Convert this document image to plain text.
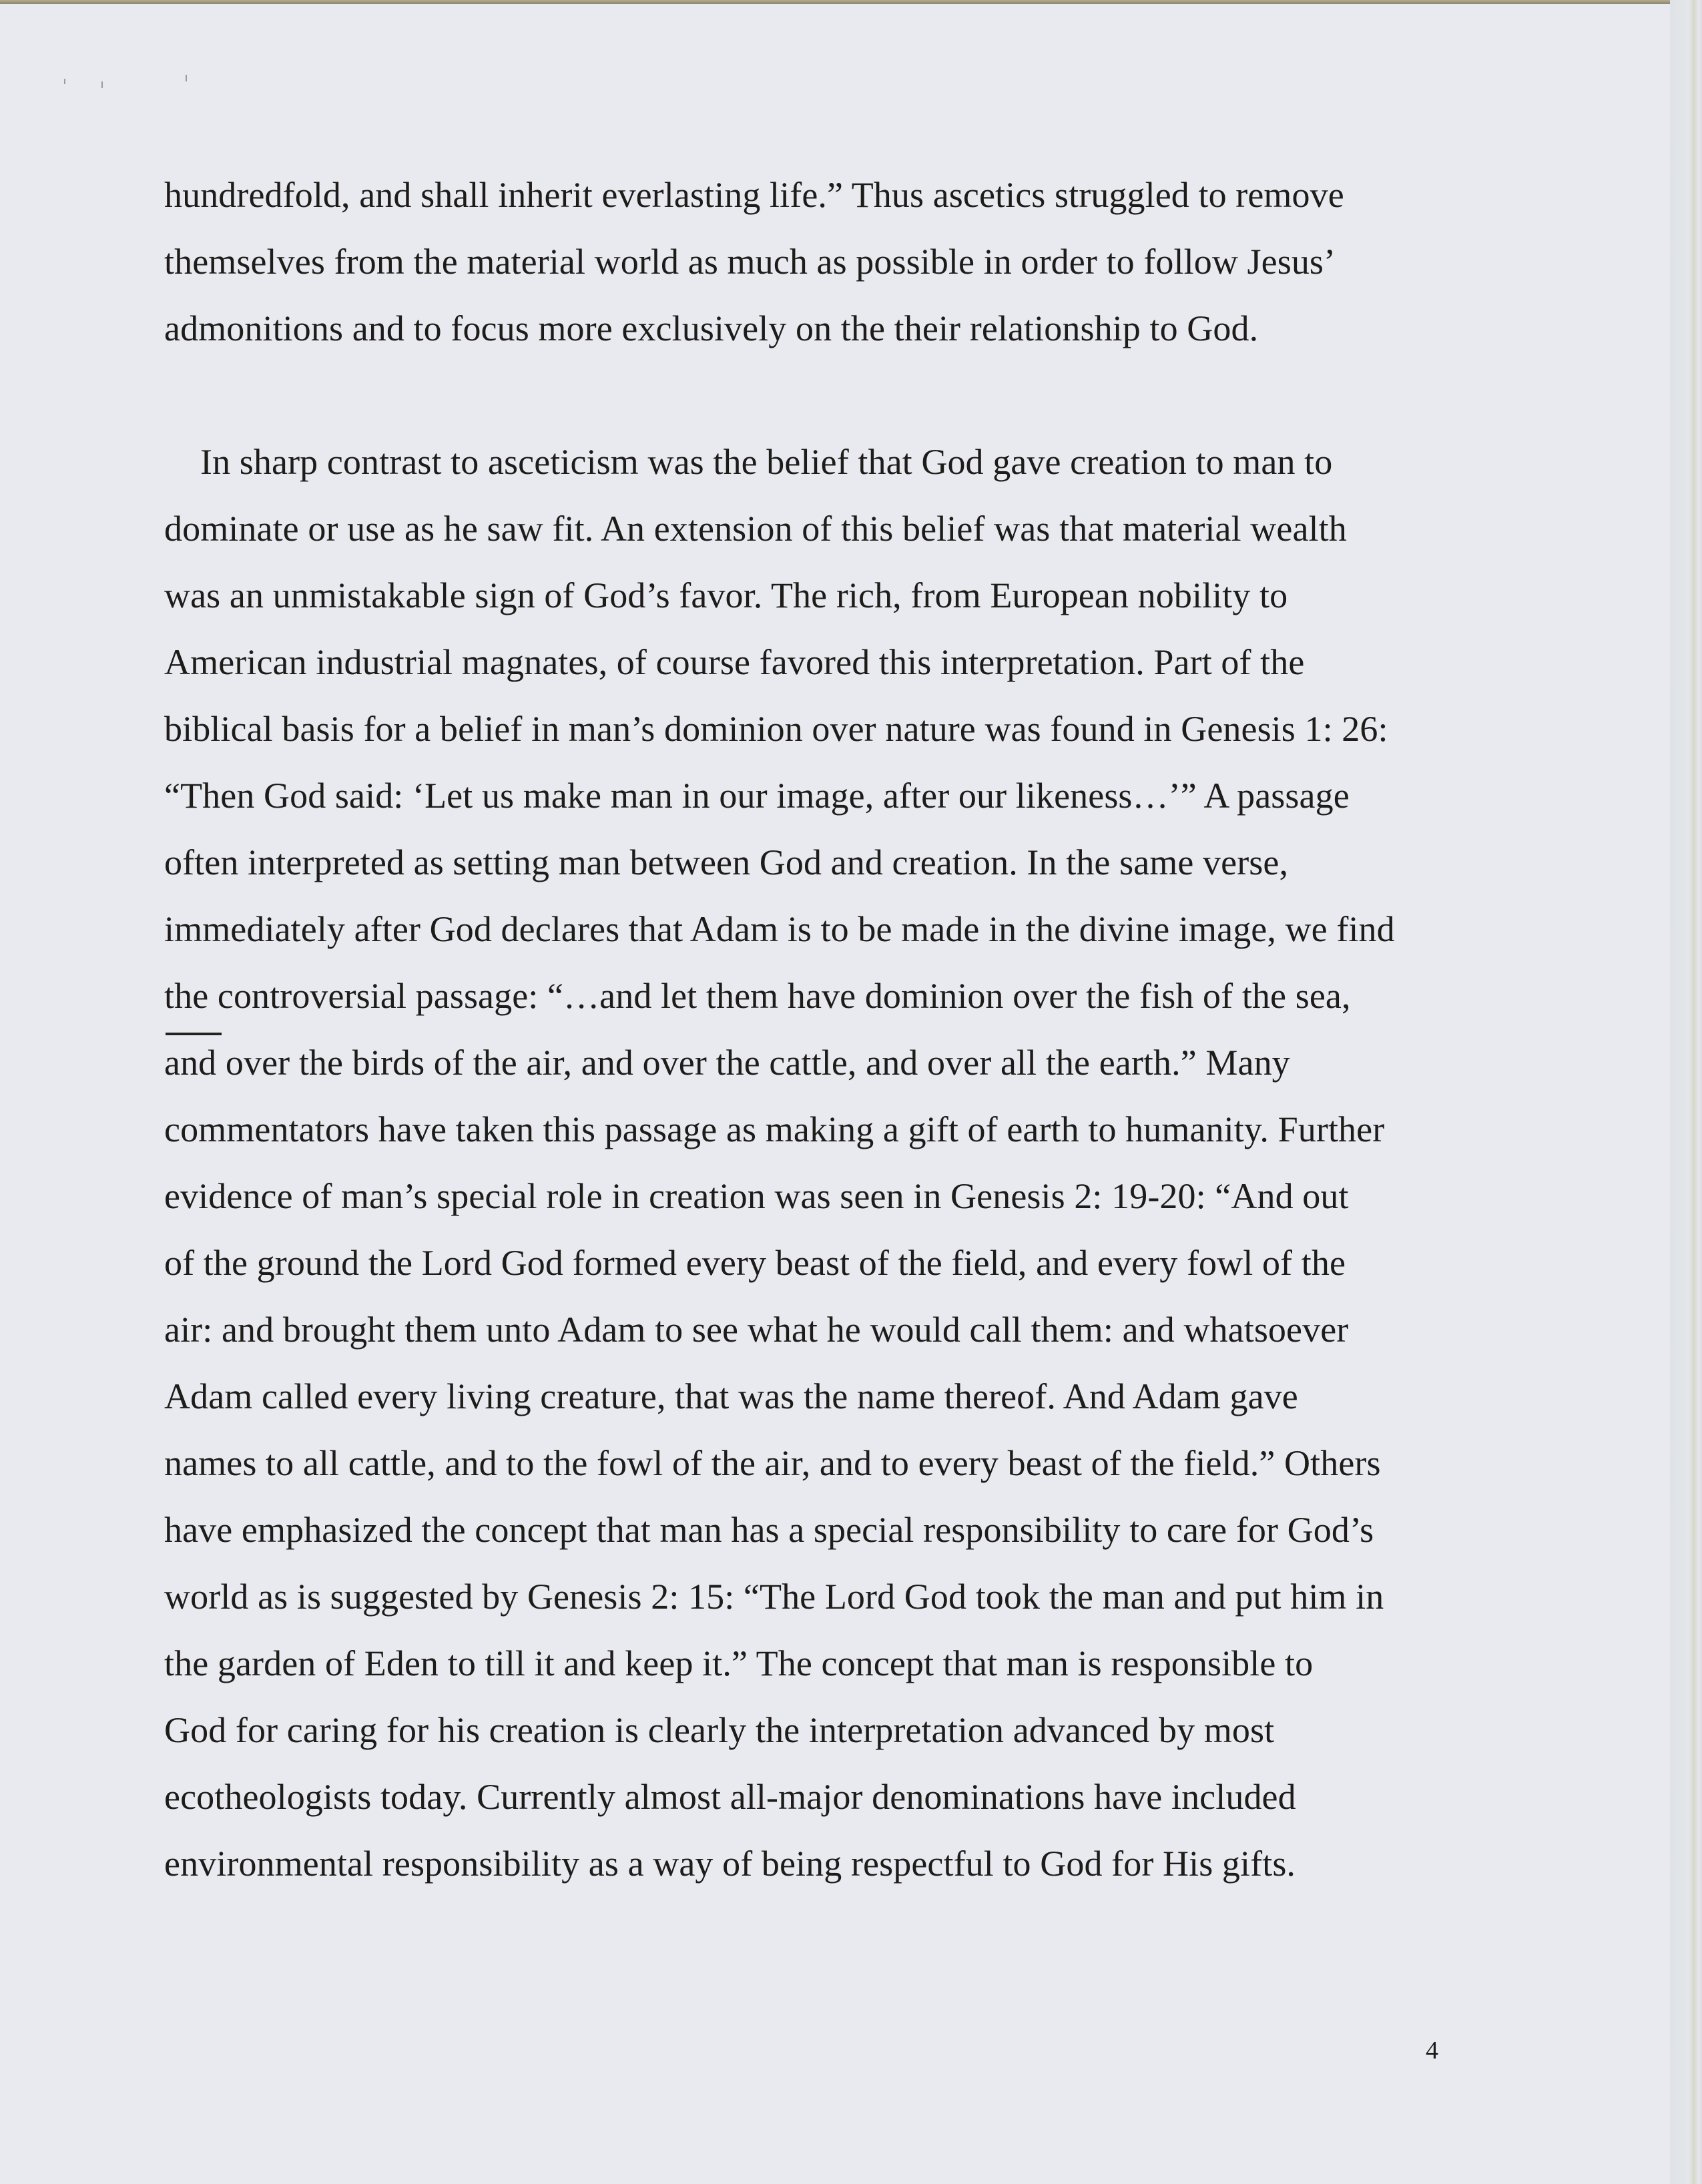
hundredfold, and shall inherit everlasting life.” Thus ascetics struggled to remove
themselves from the material world as much as possible in order to follow Jesus’
admonitions and to focus more exclusively on the their relationship to God.
In sharp contrast to asceticism was the belief that God gave creation to man to
dominate or use as he saw fit. An extension of this belief was that material wealth
was an unmistakable sign of God’s favor. The rich, from European nobility to
American industrial magnates, of course favored this interpretation. Part of the
biblical basis for a belief in man’s dominion over nature was found in Genesis 1: 26:
“Then God said: ‘Let us make man in our image, after our likeness…’” A passage
often interpreted as setting man between God and creation. In the same verse,
immediately after God declares that Adam is to be made in the divine image, we find
the controversial passage: “…and let them have dominion over the fish of the sea,
and over the birds of the air, and over the cattle, and over all the earth.” Many
commentators have taken this passage as making a gift of earth to humanity. Further
evidence of man’s special role in creation was seen in Genesis 2: 19-20: “And out
of the ground the Lord God formed every beast of the field, and every fowl of the
air: and brought them unto Adam to see what he would call them: and whatsoever
Adam called every living creature, that was the name thereof. And Adam gave
names to all cattle, and to the fowl of the air, and to every beast of the field.” Others
have emphasized the concept that man has a special responsibility to care for God’s
world as is suggested by Genesis 2: 15: “The Lord God took the man and put him in
the garden of Eden to till it and keep it.” The concept that man is responsible to
God for caring for his creation is clearly the interpretation advanced by most
ecotheologists today. Currently almost all-major denominations have included
environmental responsibility as a way of being respectful to God for His gifts.
4
